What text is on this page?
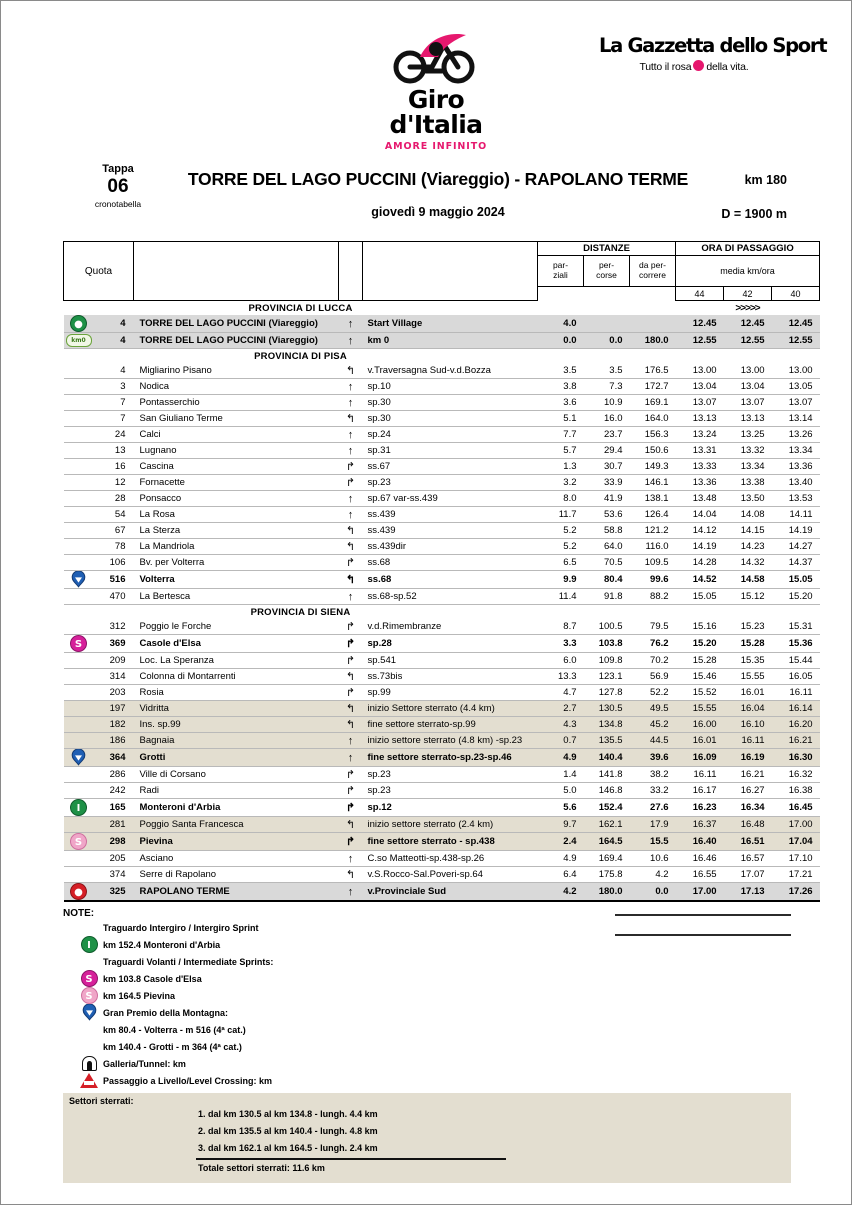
Giro d'Italia
AMORE INFINITO
La Gazzetta dello Sport
Tutto il rosa della vita.
Tappa
06
cronotabella
TORRE DEL LAGO PUCCINI (Viareggio) - RAPOLANO TERME
giovedì 9 maggio 2024
km 180
D = 1900 m
Quota					DISTANZE			ORA DI PASSAGGIO		

par-
ziali

per-
corse

da per-
correre	media km/ora
								44	42	40
PROVINCIA DI LUCCA								>>>>>		
●	4	TORRE DEL LAGO PUCCINI (Viareggio)	↑	Start Village	4.0			12.45	12.45	12.45
km0	4	TORRE DEL LAGO PUCCINI (Viareggio)	↑	km 0	0.0	0.0	180.0	12.55	12.55	12.55
PROVINCIA DI PISA										
	4	Migliarino Pisano	↰	v.Traversagna Sud-v.d.Bozza	3.5	3.5	176.5	13.00	13.00	13.00
	3	Nodica	↑	sp.10	3.8	7.3	172.7	13.04	13.04	13.05
	7	Pontasserchio	↑	sp.30	3.6	10.9	169.1	13.07	13.07	13.07
	7	San Giuliano Terme	↰	sp.30	5.1	16.0	164.0	13.13	13.13	13.14
	24	Calci	↑	sp.24	7.7	23.7	156.3	13.24	13.25	13.26
	13	Lugnano	↑	sp.31	5.7	29.4	150.6	13.31	13.32	13.34
	16	Cascina	↱	ss.67	1.3	30.7	149.3	13.33	13.34	13.36
	12	Fornacette	↱	sp.23	3.2	33.9	146.1	13.36	13.38	13.40
	28	Ponsacco	↑	sp.67 var-ss.439	8.0	41.9	138.1	13.48	13.50	13.53
	54	La Rosa	↑	ss.439	11.7	53.6	126.4	14.04	14.08	14.11
	67	La Sterza	↰	ss.439	5.2	58.8	121.2	14.12	14.15	14.19
	78	La Mandriola	↰	ss.439dir	5.2	64.0	116.0	14.19	14.23	14.27
	106	Bv. per Volterra	↱	ss.68	6.5	70.5	109.5	14.28	14.32	14.37
	516	Volterra	↰	ss.68	9.9	80.4	99.6	14.52	14.58	15.05
	470	La Bertesca	↑	ss.68-sp.52	11.4	91.8	88.2	15.05	15.12	15.20
PROVINCIA DI SIENA										
	312	Poggio le Forche	↱	v.d.Rimembranze	8.7	100.5	79.5	15.16	15.23	15.31
S	369	Casole d'Elsa	↱	sp.28	3.3	103.8	76.2	15.20	15.28	15.36
	209	Loc. La Speranza	↱	sp.541	6.0	109.8	70.2	15.28	15.35	15.44
	314	Colonna di Montarrenti	↰	ss.73bis	13.3	123.1	56.9	15.46	15.55	16.05
	203	Rosia	↱	sp.99	4.7	127.8	52.2	15.52	16.01	16.11
	197	Vidritta	↰	inizio Settore sterrato (4.4 km)	2.7	130.5	49.5	15.55	16.04	16.14
	182	Ins. sp.99	↰	fine settore sterrato-sp.99	4.3	134.8	45.2	16.00	16.10	16.20
	186	Bagnaia	↑	inizio settore sterrato (4.8 km) -sp.23	0.7	135.5	44.5	16.01	16.11	16.21
	364	Grotti	↑	fine settore sterrato-sp.23-sp.46	4.9	140.4	39.6	16.09	16.19	16.30
	286	Ville di Corsano	↱	sp.23	1.4	141.8	38.2	16.11	16.21	16.32
	242	Radi	↱	sp.23	5.0	146.8	33.2	16.17	16.27	16.38
I	165	Monteroni d'Arbia	↱	sp.12	5.6	152.4	27.6	16.23	16.34	16.45
	281	Poggio Santa Francesca	↰	inizio settore sterrato (2.4 km)	9.7	162.1	17.9	16.37	16.48	17.00
S	298	Pievina	↱	fine settore sterrato - sp.438	2.4	164.5	15.5	16.40	16.51	17.04
	205	Asciano	↑	C.so Matteotti-sp.438-sp.26	4.9	169.4	10.6	16.46	16.57	17.10
	374	Serre di Rapolano	↰	v.S.Rocco-Sal.Poveri-sp.64	6.4	175.8	4.2	16.55	17.07	17.21
●	325	RAPOLANO TERME	↑	v.Provinciale Sud	4.2	180.0	0.0	17.00	17.13	17.26
NOTE:
Traguardo Intergiro / Intergiro Sprint
I	km 152.4 Monteroni d'Arbia
Traguardi Volanti / Intermediate Sprints:
S	km 103.8 Casole d'Elsa
S	km 164.5 Pievina
Gran Premio della Montagna:
km 80.4 - Volterra - m 516 (4ª cat.)
km 140.4 - Grotti - m 364 (4ª cat.)
Galleria/Tunnel: km
Passaggio a Livello/Level Crossing: km
Settori sterrati:
1. dal km 130.5 al km 134.8 - lungh. 4.4 km
2. dal km 135.5 al km 140.4 - lungh. 4.8 km
3. dal km 162.1 al km 164.5 - lungh. 2.4 km
Totale settori sterrati: 11.6 km
